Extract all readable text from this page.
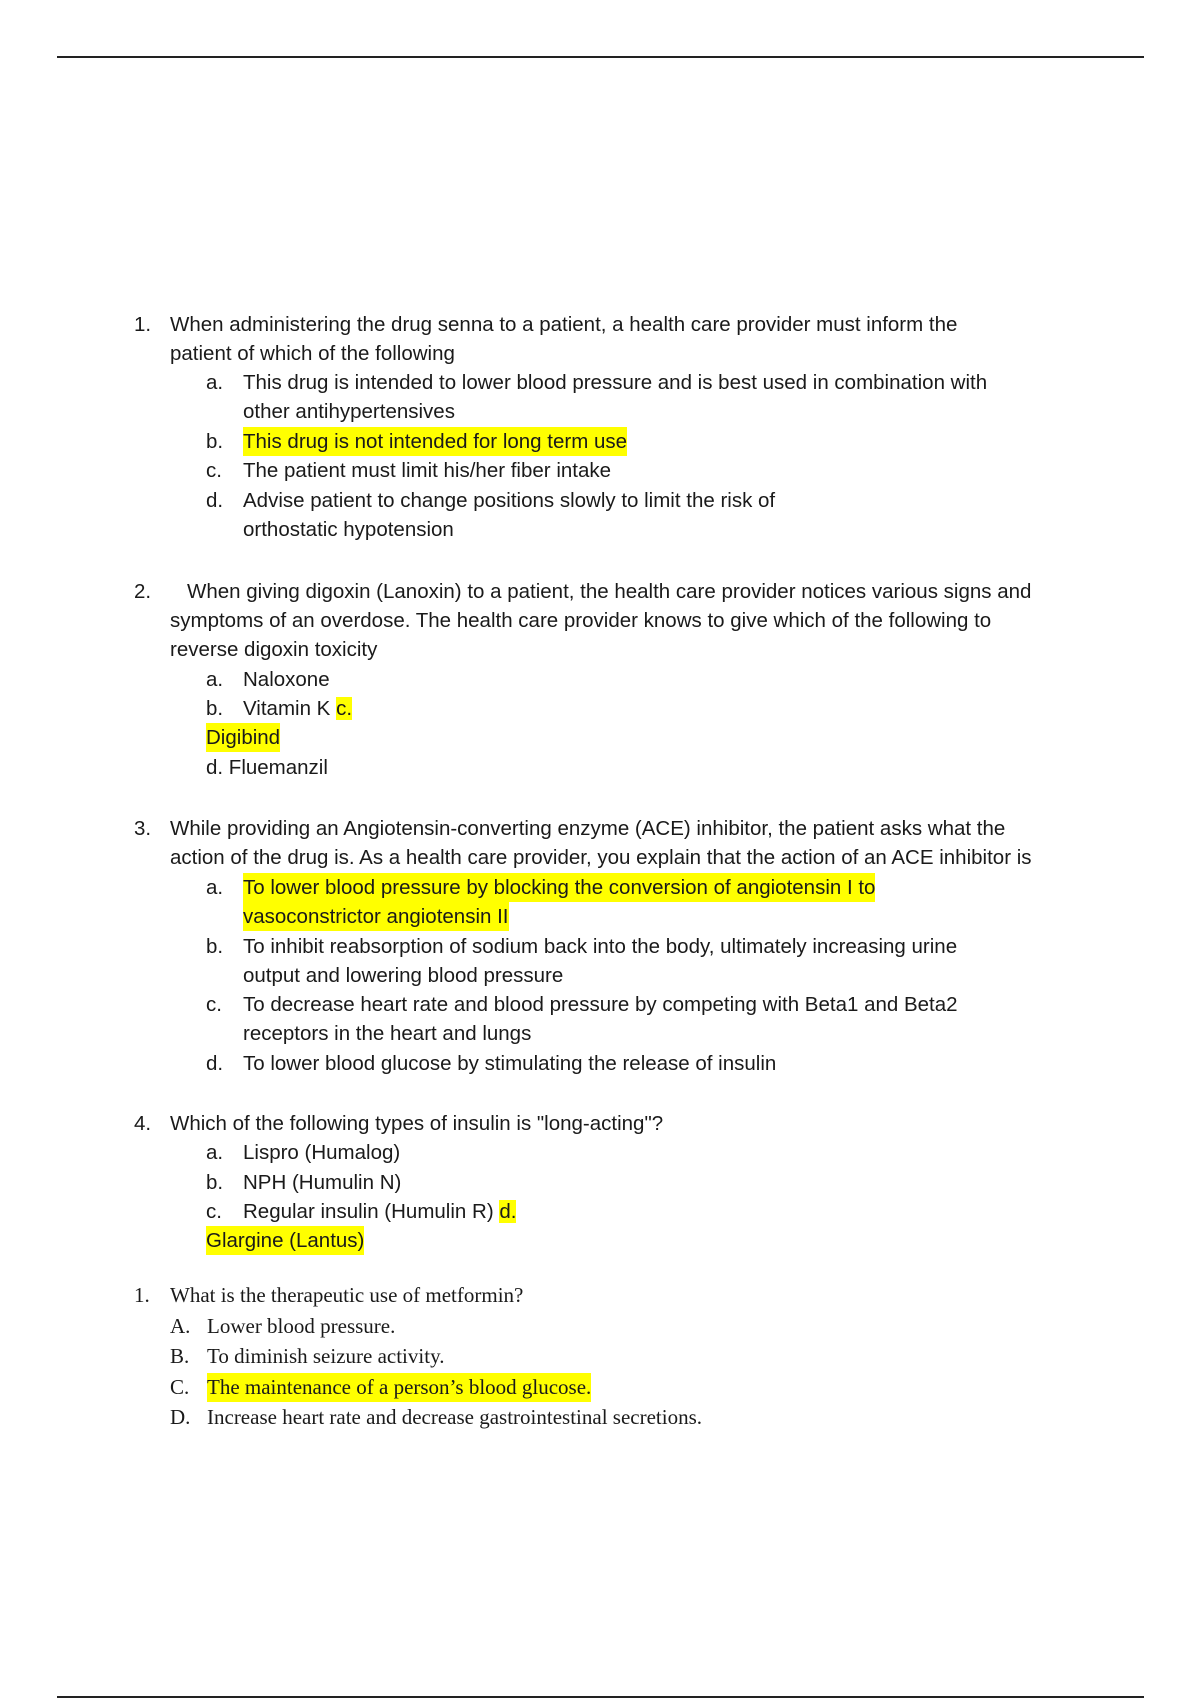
1. When administering the drug senna to a patient, a health care provider must inform the
patient of which of the following
a. This drug is intended to lower blood pressure and is best used in combination with
other antihypertensives
b. This drug is not intended for long term use
c. The patient must limit his/her fiber intake
d. Advise patient to change positions slowly to limit the risk of
orthostatic hypotension
2. When giving digoxin (Lanoxin) to a patient, the health care provider notices various signs and
symptoms of an overdose. The health care provider knows to give which of the following to
reverse digoxin toxicity
a. Naloxone
b. Vitamin K c.
Digibind
d. Fluemanzil
3. While providing an Angiotensin-converting enzyme (ACE) inhibitor, the patient asks what the
action of the drug is. As a health care provider, you explain that the action of an ACE inhibitor is
a. To lower blood pressure by blocking the conversion of angiotensin I to
vasoconstrictor angiotensin II
b. To inhibit reabsorption of sodium back into the body, ultimately increasing urine
output and lowering blood pressure
c. To decrease heart rate and blood pressure by competing with Beta1 and Beta2
receptors in the heart and lungs
d. To lower blood glucose by stimulating the release of insulin
4. Which of the following types of insulin is "long-acting"?
a. Lispro (Humalog)
b. NPH (Humulin N)
c. Regular insulin (Humulin R) d.
Glargine (Lantus)
1. What is the therapeutic use of metformin?
A. Lower blood pressure.
B. To diminish seizure activity.
C. The maintenance of a person’s blood glucose.
D. Increase heart rate and decrease gastrointestinal secretions.
